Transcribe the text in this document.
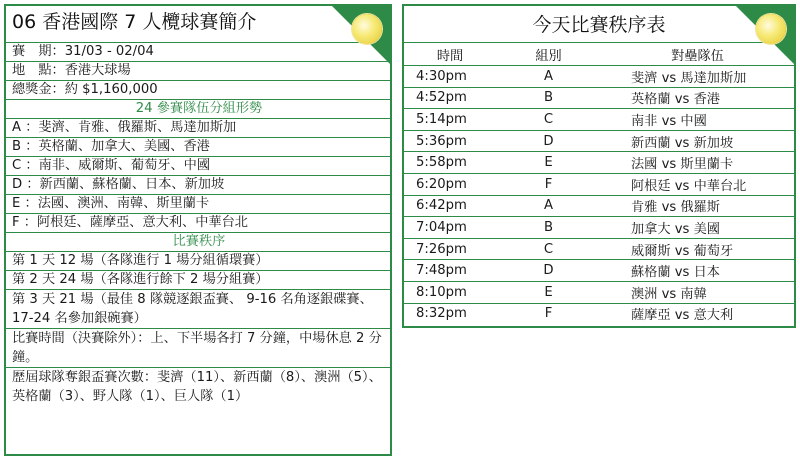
06 香港國際 7 人欖球賽簡介
賽　期：31/03 - 02/04
地　點：香港大球場
總獎金：約 $1,160,000
24 參賽隊伍分組形勢
A ：斐濟、肯雅、俄羅斯、馬達加斯加
B ：英格蘭、加拿大、美國、香港
C ：南非、威爾斯、葡萄牙、中國
D ：新西蘭、蘇格蘭、日本、新加坡
E ：法國、澳洲、南韓、斯里蘭卡
F ：阿根廷、薩摩亞、意大利、中華台北
比賽秩序
第 1 天 12 場（各隊進行 1 場分組循環賽）
第 2 天 24 場（各隊進行餘下 2 場分組賽）
第 3 天 21 場（最佳 8 隊競逐銀盃賽、 9-16 名角逐銀碟賽、 17-24 名參加銀碗賽）
比賽時間（決賽除外）：上、下半場各打 7 分鐘，中場休息 2 分鐘。
歷屆球隊奪銀盃賽次數：斐濟（11）、新西蘭（8）、澳洲（5）、英格蘭（3）、野人隊（1）、巨人隊（1）
今天比賽秩序表
時間	組別	對壘隊伍
4:30pm	A	斐濟 vs 馬達加斯加
4:52pm	B	英格蘭 vs 香港
5:14pm	C	南非 vs 中國
5:36pm	D	新西蘭 vs 新加坡
5:58pm	E	法國 vs 斯里蘭卡
6:20pm	F	阿根廷 vs 中華台北
6:42pm	A	肯雅 vs 俄羅斯
7:04pm	B	加拿大 vs 美國
7:26pm	C	威爾斯 vs 葡萄牙
7:48pm	D	蘇格蘭 vs 日本
8:10pm	E	澳洲 vs 南韓
8:32pm	F	薩摩亞 vs 意大利
